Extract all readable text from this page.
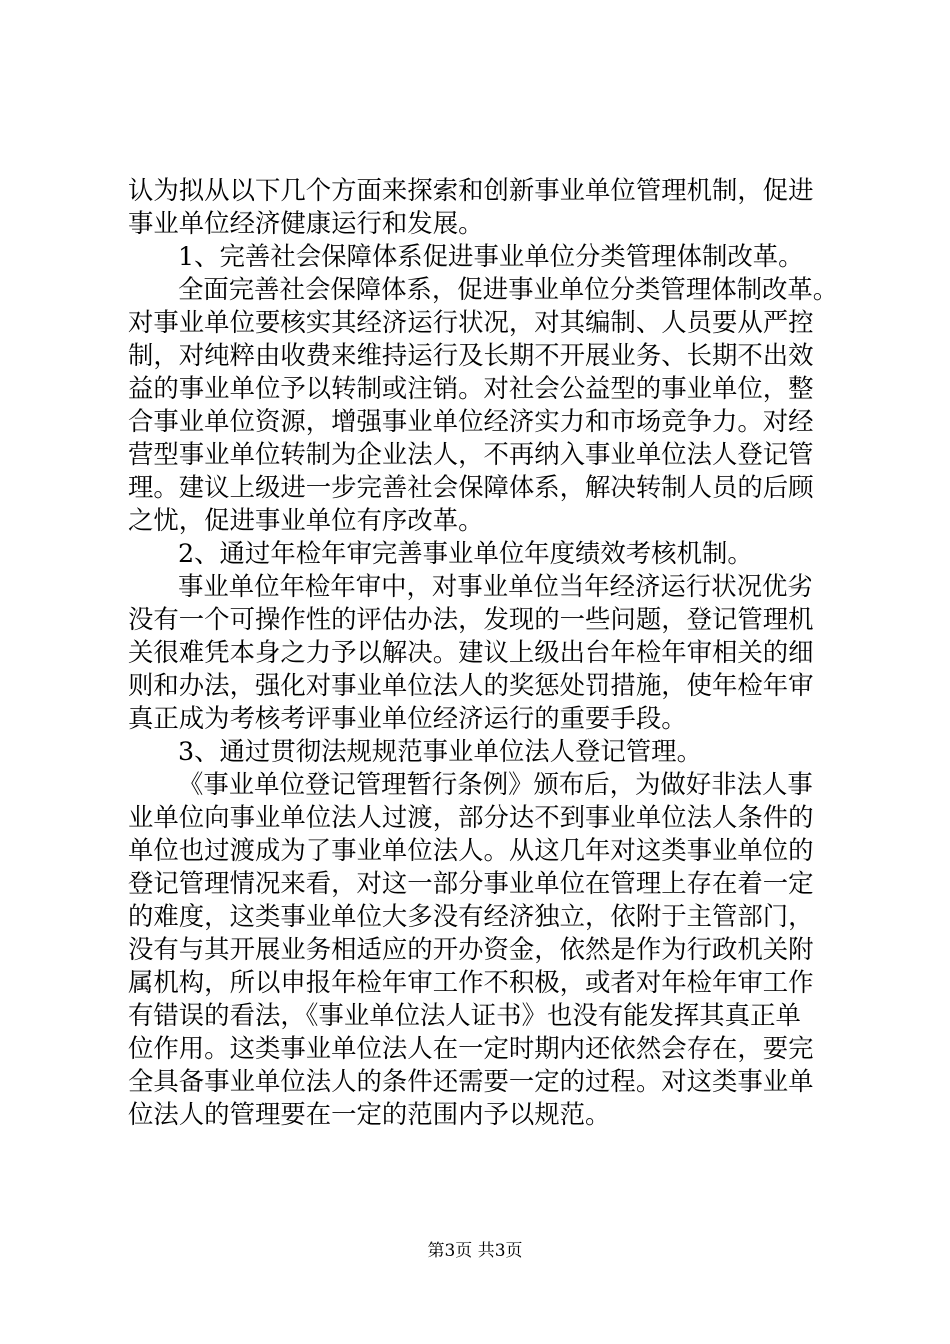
认为拟从以下几个方面来探索和创新事业单位管理机制，促进
事业单位经济健康运行和发展。
1、完善社会保障体系促进事业单位分类管理体制改革。
全面完善社会保障体系，促进事业单位分类管理体制改革。
对事业单位要核实其经济运行状况，对其编制、人员要从严控
制，对纯粹由收费来维持运行及长期不开展业务、长期不出效
益的事业单位予以转制或注销。对社会公益型的事业单位，整
合事业单位资源，增强事业单位经济实力和市场竞争力。对经
营型事业单位转制为企业法人，不再纳入事业单位法人登记管
理。建议上级进一步完善社会保障体系，解决转制人员的后顾
之忧，促进事业单位有序改革。
2、通过年检年审完善事业单位年度绩效考核机制。
事业单位年检年审中，对事业单位当年经济运行状况优劣
没有一个可操作性的评估办法，发现的一些问题，登记管理机
关很难凭本身之力予以解决。建议上级出台年检年审相关的细
则和办法，强化对事业单位法人的奖惩处罚措施，使年检年审
真正成为考核考评事业单位经济运行的重要手段。
3、通过贯彻法规规范事业单位法人登记管理。
《事业单位登记管理暂行条例》颁布后，为做好非法人事
业单位向事业单位法人过渡，部分达不到事业单位法人条件的
单位也过渡成为了事业单位法人。从这几年对这类事业单位的
登记管理情况来看，对这一部分事业单位在管理上存在着一定
的难度，这类事业单位大多没有经济独立，依附于主管部门，
没有与其开展业务相适应的开办资金，依然是作为行政机关附
属机构，所以申报年检年审工作不积极，或者对年检年审工作
有错误的看法，《事业单位法人证书》也没有能发挥其真正单
位作用。这类事业单位法人在一定时期内还依然会存在，要完
全具备事业单位法人的条件还需要一定的过程。对这类事业单
位法人的管理要在一定的范围内予以规范。
第3页 共3页
